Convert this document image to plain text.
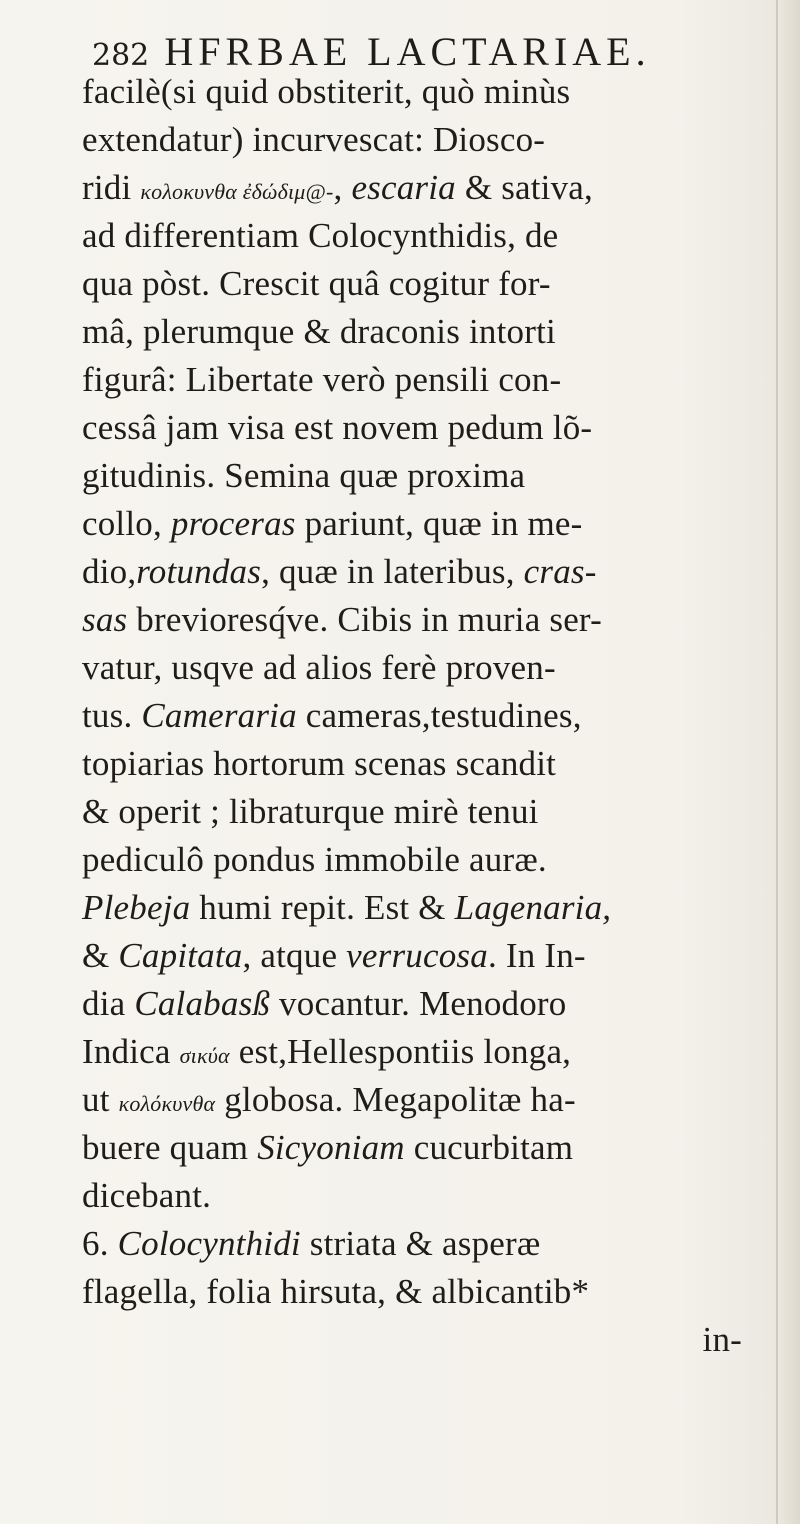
282 HFRBAE LACTARIAE.
facilè(si quid obstiterit, quò minùs
extendatur) incurvescat: Diosco-
ridi κολοκυνθα ἐδώδιμ@-, escaria & sativa,
ad differentiam Colocynthidis, de
qua pòst. Crescit quâ cogitur for-
mâ, plerumque & draconis intorti
figurâ: Libertate verò pensili con-
cessâ jam visa est novem pedum lõ-
gitudinis. Semina quæ proxima
collo, proceras pariunt, quæ in me-
dio,rotundas, quæ in lateribus, cras-
sas brevioresq́ve. Cibis in muria ser-
vatur, usqve ad alios ferè proven-
tus. Cameraria cameras,testudines,
topiarias hortorum scenas scandit
& operit ; libraturque mirè tenui
pediculô pondus immobile auræ.
Plebeja humi repit. Est & Lagenaria,
& Capitata, atque verrucosa. In In-
dia Calabasß vocantur. Menodoro
Indica σικύα est,Hellespontiis longa,
ut κολόκυνθα globosa. Megapolitæ ha-
buere quam Sicyoniam cucurbitam
dicebant.
6. Colocynthidi striata & asperæ
flagella, folia hirsuta, & albicantib*
in-
